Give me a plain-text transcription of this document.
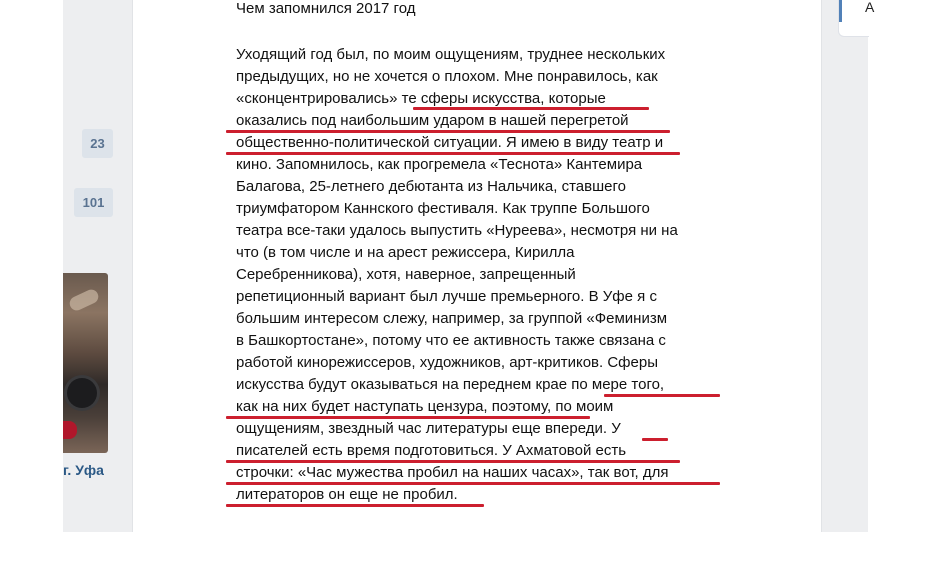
А
23
101
г. Уфа
Чем запомнился 2017 год
Уходящий год был, по моим ощущениям, труднее нескольких
предыдущих, но не хочется о плохом. Мне понравилось, как
«сконцентрировались» те сферы искусства, которые
оказались под наибольшим ударом в нашей перегретой
общественно-политической ситуации. Я имею в виду театр и
кино. Запомнилось, как прогремела «Теснота» Кантемира
Балагова, 25-летнего дебютанта из Нальчика, ставшего
триумфатором Каннского фестиваля. Как труппе Большого
театра все-таки удалось выпустить «Нуреева», несмотря ни на
что (в том числе и на арест режиссера, Кирилла
Серебренникова), хотя, наверное, запрещенный
репетиционный вариант был лучше премьерного. В Уфе я с
большим интересом слежу, например, за группой «Феминизм
в Башкортостане», потому что ее активность также связана с
работой кинорежиссеров, художников, арт-критиков. Сферы
искусства будут оказываться на переднем крае по мере того,
как на них будет наступать цензура, поэтому, по моим
ощущениям, звездный час литературы еще впереди. У
писателей есть время подготовиться. У Ахматовой есть
строчки: «Час мужества пробил на наших часах», так вот, для
литераторов он еще не пробил.
